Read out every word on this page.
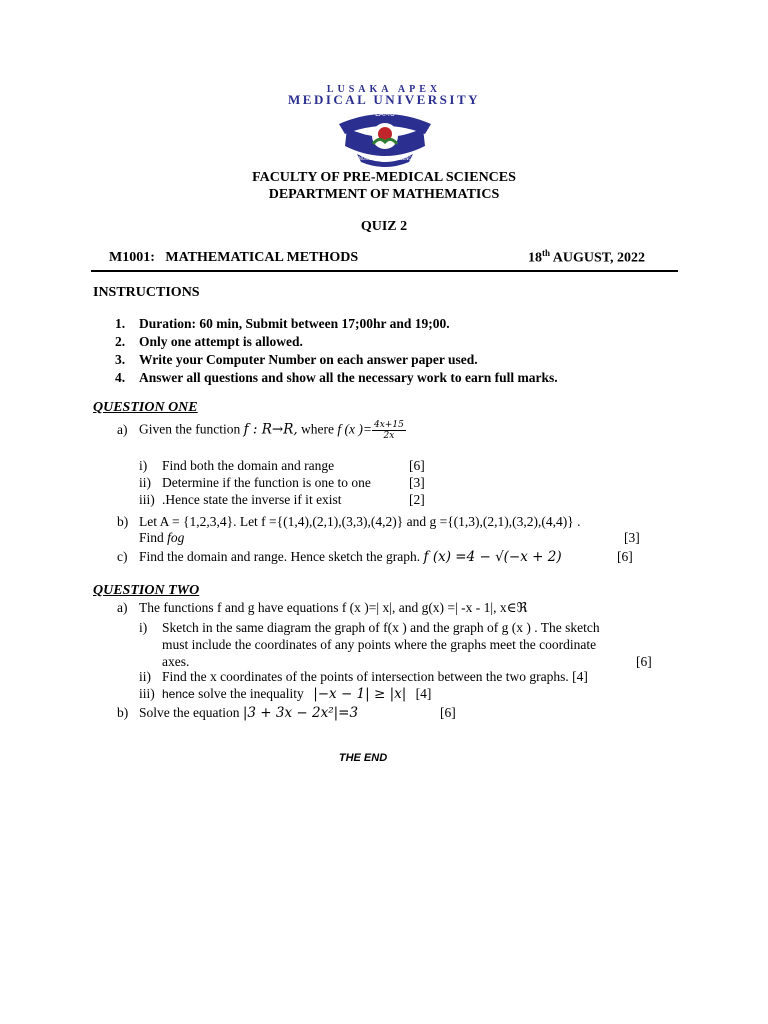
LUSAKA APEX
MEDICAL UNIVERSITY
LAMU
KNOWLEDGE & EXCELLENCE
FACULTY OF PRE-MEDICAL SCIENCES
DEPARTMENT OF MATHEMATICS
QUIZ 2
M1001:   MATHEMATICAL METHODS	18th AUGUST, 2022
INSTRUCTIONS
1. Duration: 60 min, Submit between 17;00hr and 19;00.
2. Only one attempt is allowed.
3. Write your Computer Number on each answer paper used.
4. Answer all questions and show all the necessary work to earn full marks.
QUESTION ONE
a) Given the function f : R→R, where f (x )= $\frac{4x+15}{2x}$
i) Find both the domain and range	[6]
ii) Determine if the function is one to one	[3]
iii) .Hence state the inverse if it exist	[2]
b) Let A = {1,2,3,4}. Let f ={(1,4),(2,1),(3,3),(4,2)} and g ={(1,3),(2,1),(3,2),(4,4)} .
Find fog	[3]
c) Find the domain and range. Hence sketch the graph. f (x) =4 − √(−x + 2)	[6]
QUESTION TWO
a) The functions f and g have equations f (x )=| x|, and g(x) =| -x - 1|, x∈ℜ
i) Sketch in the same diagram the graph of f(x ) and the graph of g (x ) . The sketch
must include the coordinates of any points where the graphs meet the coordinate
axes.	[6]
ii) Find the x coordinates of the points of intersection between the two graphs. [4]
iii) hence solve the inequality |−x − 1| ≥ |x| [4]
b) Solve the equation |3 + 3x − 2x²|=3	[6]
THE END
